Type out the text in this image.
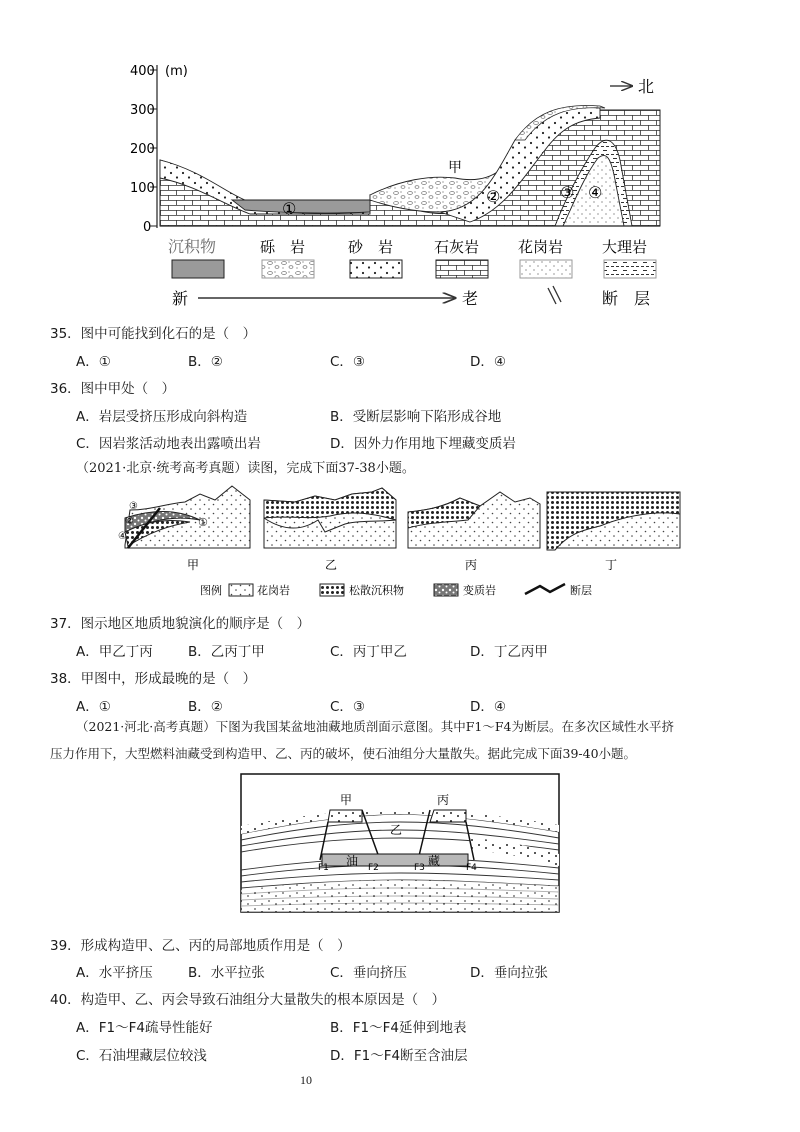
400 (m)
300
200
100
0
北
甲
①
②	③ ④
沉积物	砾　岩	砂　岩	石灰岩	花岗岩	大理岩
新	老	断　层
35．图中可能找到化石的是（　）
A．①	B．②	C．③	D．④
36．图中甲处（　）
A．岩层受挤压形成向斜构造	B．受断层影响下陷形成谷地
C．因岩浆活动地表出露喷出岩	D．因外力作用地下埋藏变质岩
（2021·北京·统考高考真题）读图，完成下面37-38小题。
③
②	①
④
甲	乙	丙	丁
图例	花岗岩	松散沉积物	变质岩	断层
37．图示地区地质地貌演化的顺序是（　）
A．甲乙丁丙	B．乙丙丁甲	C．丙丁甲乙	D．丁乙丙甲
38．甲图中，形成最晚的是（　）
A．①	B．②	C．③	D．④
（2021·河北·高考真题）下图为我国某盆地油藏地质剖面示意图。其中F1～F4为断层。在多次区域性水平挤
压力作用下，大型燃料油藏受到构造甲、乙、丙的破坏，使石油组分大量散失。据此完成下面39-40小题。
甲
乙
丙
油	藏
F1	F2	F3	F4
39．形成构造甲、乙、丙的局部地质作用是（　）
A．水平挤压	B．水平拉张	C．垂向挤压	D．垂向拉张
40．构造甲、乙、丙会导致石油组分大量散失的根本原因是（　）
A．F1～F4疏导性能好	B．F1～F4延伸到地表
C．石油埋藏层位较浅	D．F1～F4断至含油层
10
